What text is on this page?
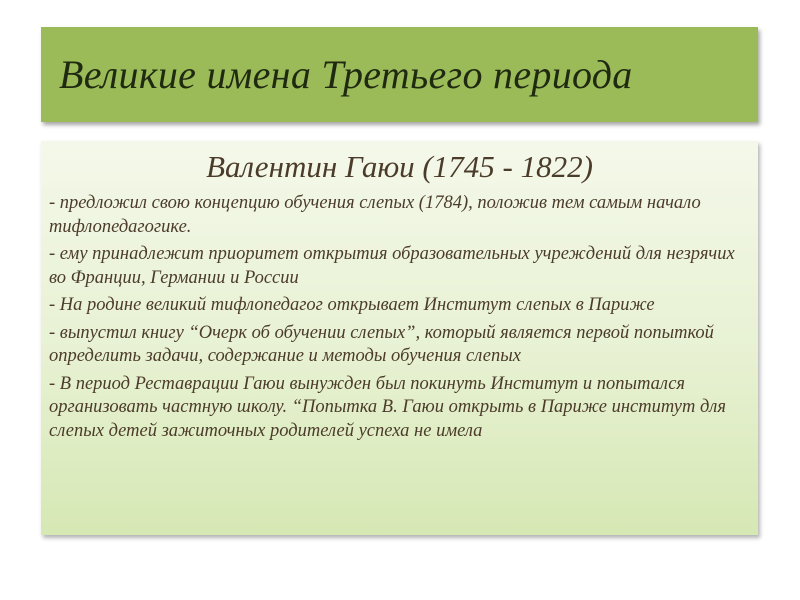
Великие имена Третьего периода
Валентин Гаюи (1745 - 1822)
- предложил свою концепцию обучения слепых (1784), положив тем самым начало тифлопедагогике.
- ему принадлежит приоритет открытия образовательных учреждений для незрячих во Франции, Германии и России
- На родине великий тифлопедагог открывает Институт слепых в Париже
- выпустил книгу “Очерк об обучении слепых”, который является первой попыткой определить задачи, содержание и методы обучения слепых
- В период Реставрации Гаюи вынужден был покинуть Институт и попытался организовать частную школу. “Попытка В. Гаюи открыть в Париже институт для слепых детей зажиточных родителей успеха не имела
